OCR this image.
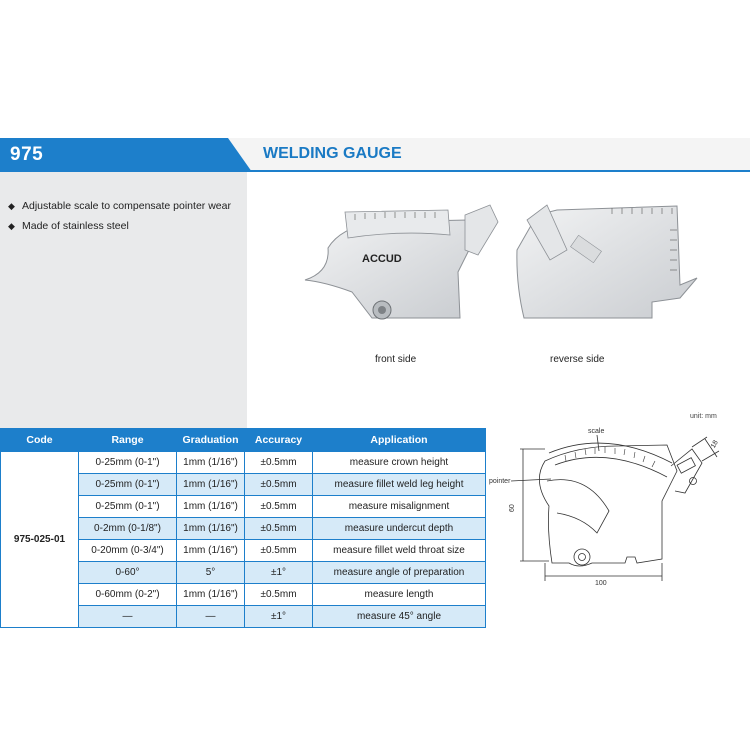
975	WELDING GAUGE
◆ Adjustable scale to compensate pointer wear
◆ Made of stainless steel
ACCUD
front side	reverse side
Code	Range	Graduation	Accuracy	Application
975-025-01	0-25mm (0-1")	1mm (1/16")	±0.5mm	measure crown height
	0-25mm (0-1")	1mm (1/16")	±0.5mm	measure fillet weld leg height
	0-25mm (0-1")	1mm (1/16")	±0.5mm	measure misalignment
	0-2mm (0-1/8")	1mm (1/16")	±0.5mm	measure undercut depth
	0-20mm (0-3/4")	1mm (1/16")	±0.5mm	measure fillet weld throat size
	0-60°	5°	±1°	measure angle of preparation
	0-60mm (0-2")	1mm (1/16")	±0.5mm	measure length
	—	—	±1°	measure 45° angle
unit: mm
scale
pointer
100
60
18
